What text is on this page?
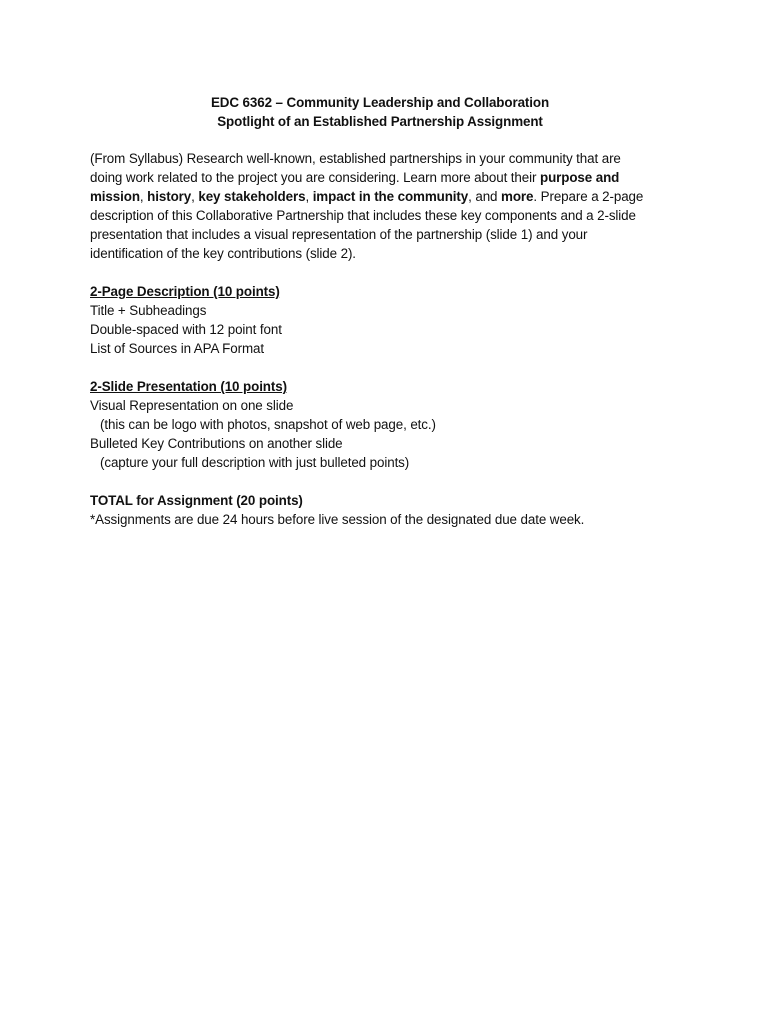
EDC 6362 – Community Leadership and Collaboration

Spotlight of an Established Partnership Assignment

(From Syllabus) Research well-known, established partnerships in your community that are

doing work related to the project you are considering. Learn more about their purpose and

mission, history, key stakeholders, impact in the community, and more. Prepare a 2-page

description of this Collaborative Partnership that includes these key components and a 2-slide

presentation that includes a visual representation of the partnership (slide 1) and your

identification of the key contributions (slide 2).

2-Page Description (10 points)

Title + Subheadings

Double-spaced with 12 point font

List of Sources in APA Format

2-Slide Presentation (10 points)

Visual Representation on one slide

(this can be logo with photos, snapshot of web page, etc.)

Bulleted Key Contributions on another slide

(capture your full description with just bulleted points)

TOTAL for Assignment (20 points)

*Assignments are due 24 hours before live session of the designated due date week.
